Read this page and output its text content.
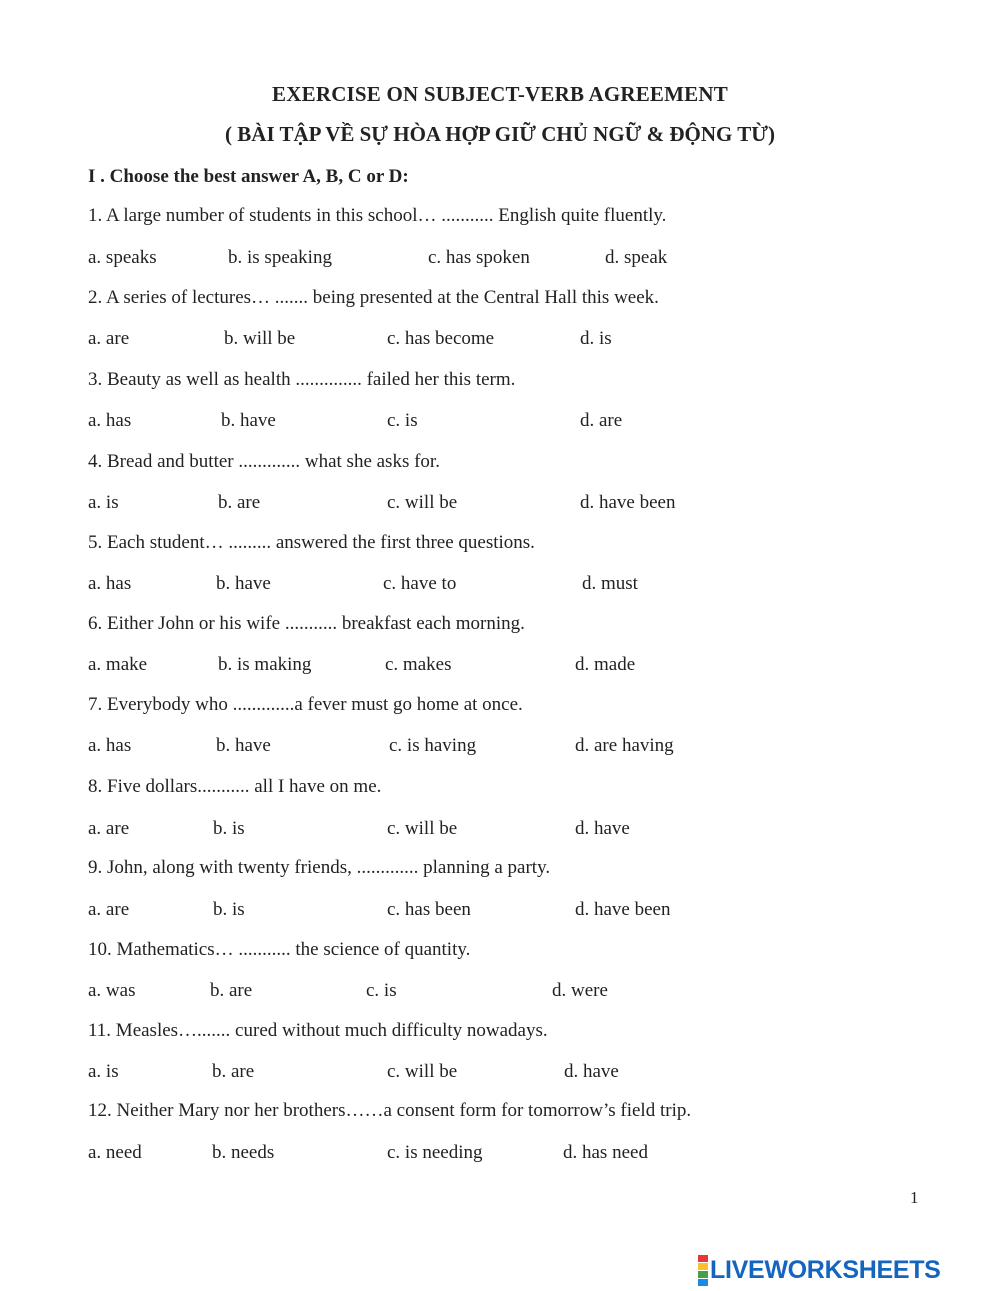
EXERCISE ON SUBJECT-VERB AGREEMENT
( BÀI TẬP VỀ SỰ HÒA HỢP GIỮ CHỦ NGỮ & ĐỘNG TỪ)
I . Choose the best answer A, B, C or D:
1. A large number of students in this school… ........... English quite fluently.
a. speaks	b. is speaking	c. has spoken	d. speak
2. A series of lectures… ....... being presented at the Central Hall this week.
a. are	b. will be	c. has become	d. is
3. Beauty as well as health .............. failed her this term.
a. has	b. have	c. is	d. are
4. Bread and butter ............. what she asks for.
a. is	b. are	c. will be	d. have been
5. Each student… ......... answered the first three questions.
a. has	b. have	c. have to	d. must
6. Either John or his wife ........... breakfast each morning.
a. make	b. is making	c. makes	d. made
7. Everybody who .............a fever must go home at once.
a. has	b. have	c. is having	d. are having
8. Five dollars........... all I have on me.
a. are	b. is	c. will be	d. have
9. John, along with twenty friends, ............. planning a party.
a. are	b. is	c. has been	d. have been
10. Mathematics… ........... the science of quantity.
a. was	b. are	c. is	d. were
11. Measles…....... cured without much difficulty nowadays.
a. is	b. are	c. will be	d. have
12. Neither Mary nor her brothers……a consent form for tomorrow’s field trip.
a. need	b. needs	c. is needing	d. has need
1
LIVEWORKSHEETS
